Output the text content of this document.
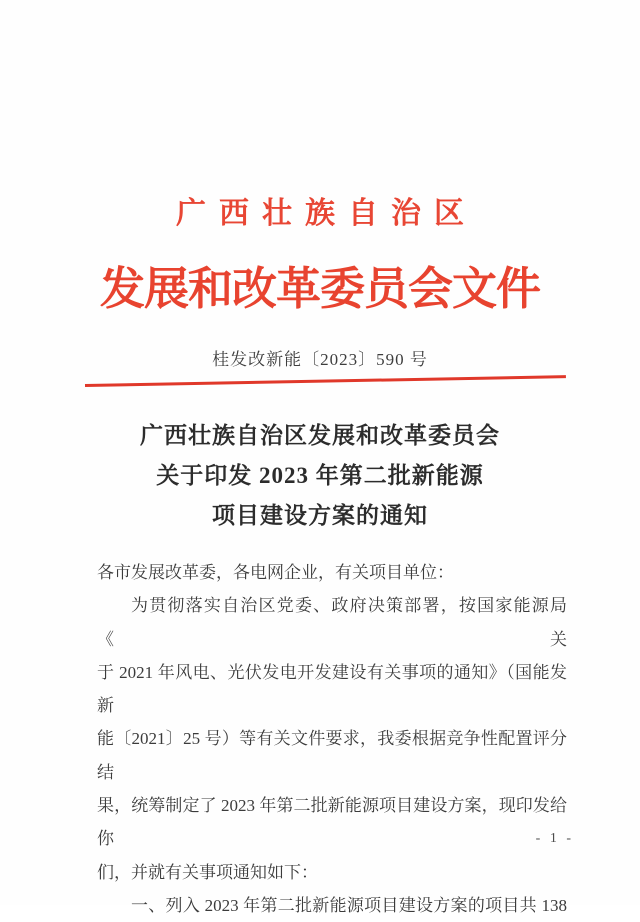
广西壮族自治区
发展和改革委员会文件
桂发改新能〔2023〕590 号
广西壮族自治区发展和改革委员会
关于印发 2023 年第二批新能源
项目建设方案的通知
各市发展改革委，各电网企业，有关项目单位：
为贯彻落实自治区党委、政府决策部署，按国家能源局《关
于 2021 年风电、光伏发电开发建设有关事项的通知》（国能发新
能〔2021〕25 号）等有关文件要求，我委根据竞争性配置评分结
果，统筹制定了 2023 年第二批新能源项目建设方案，现印发给你
们，并就有关事项通知如下：
一、列入 2023 年第二批新能源项目建设方案的项目共 138
- 1 -
